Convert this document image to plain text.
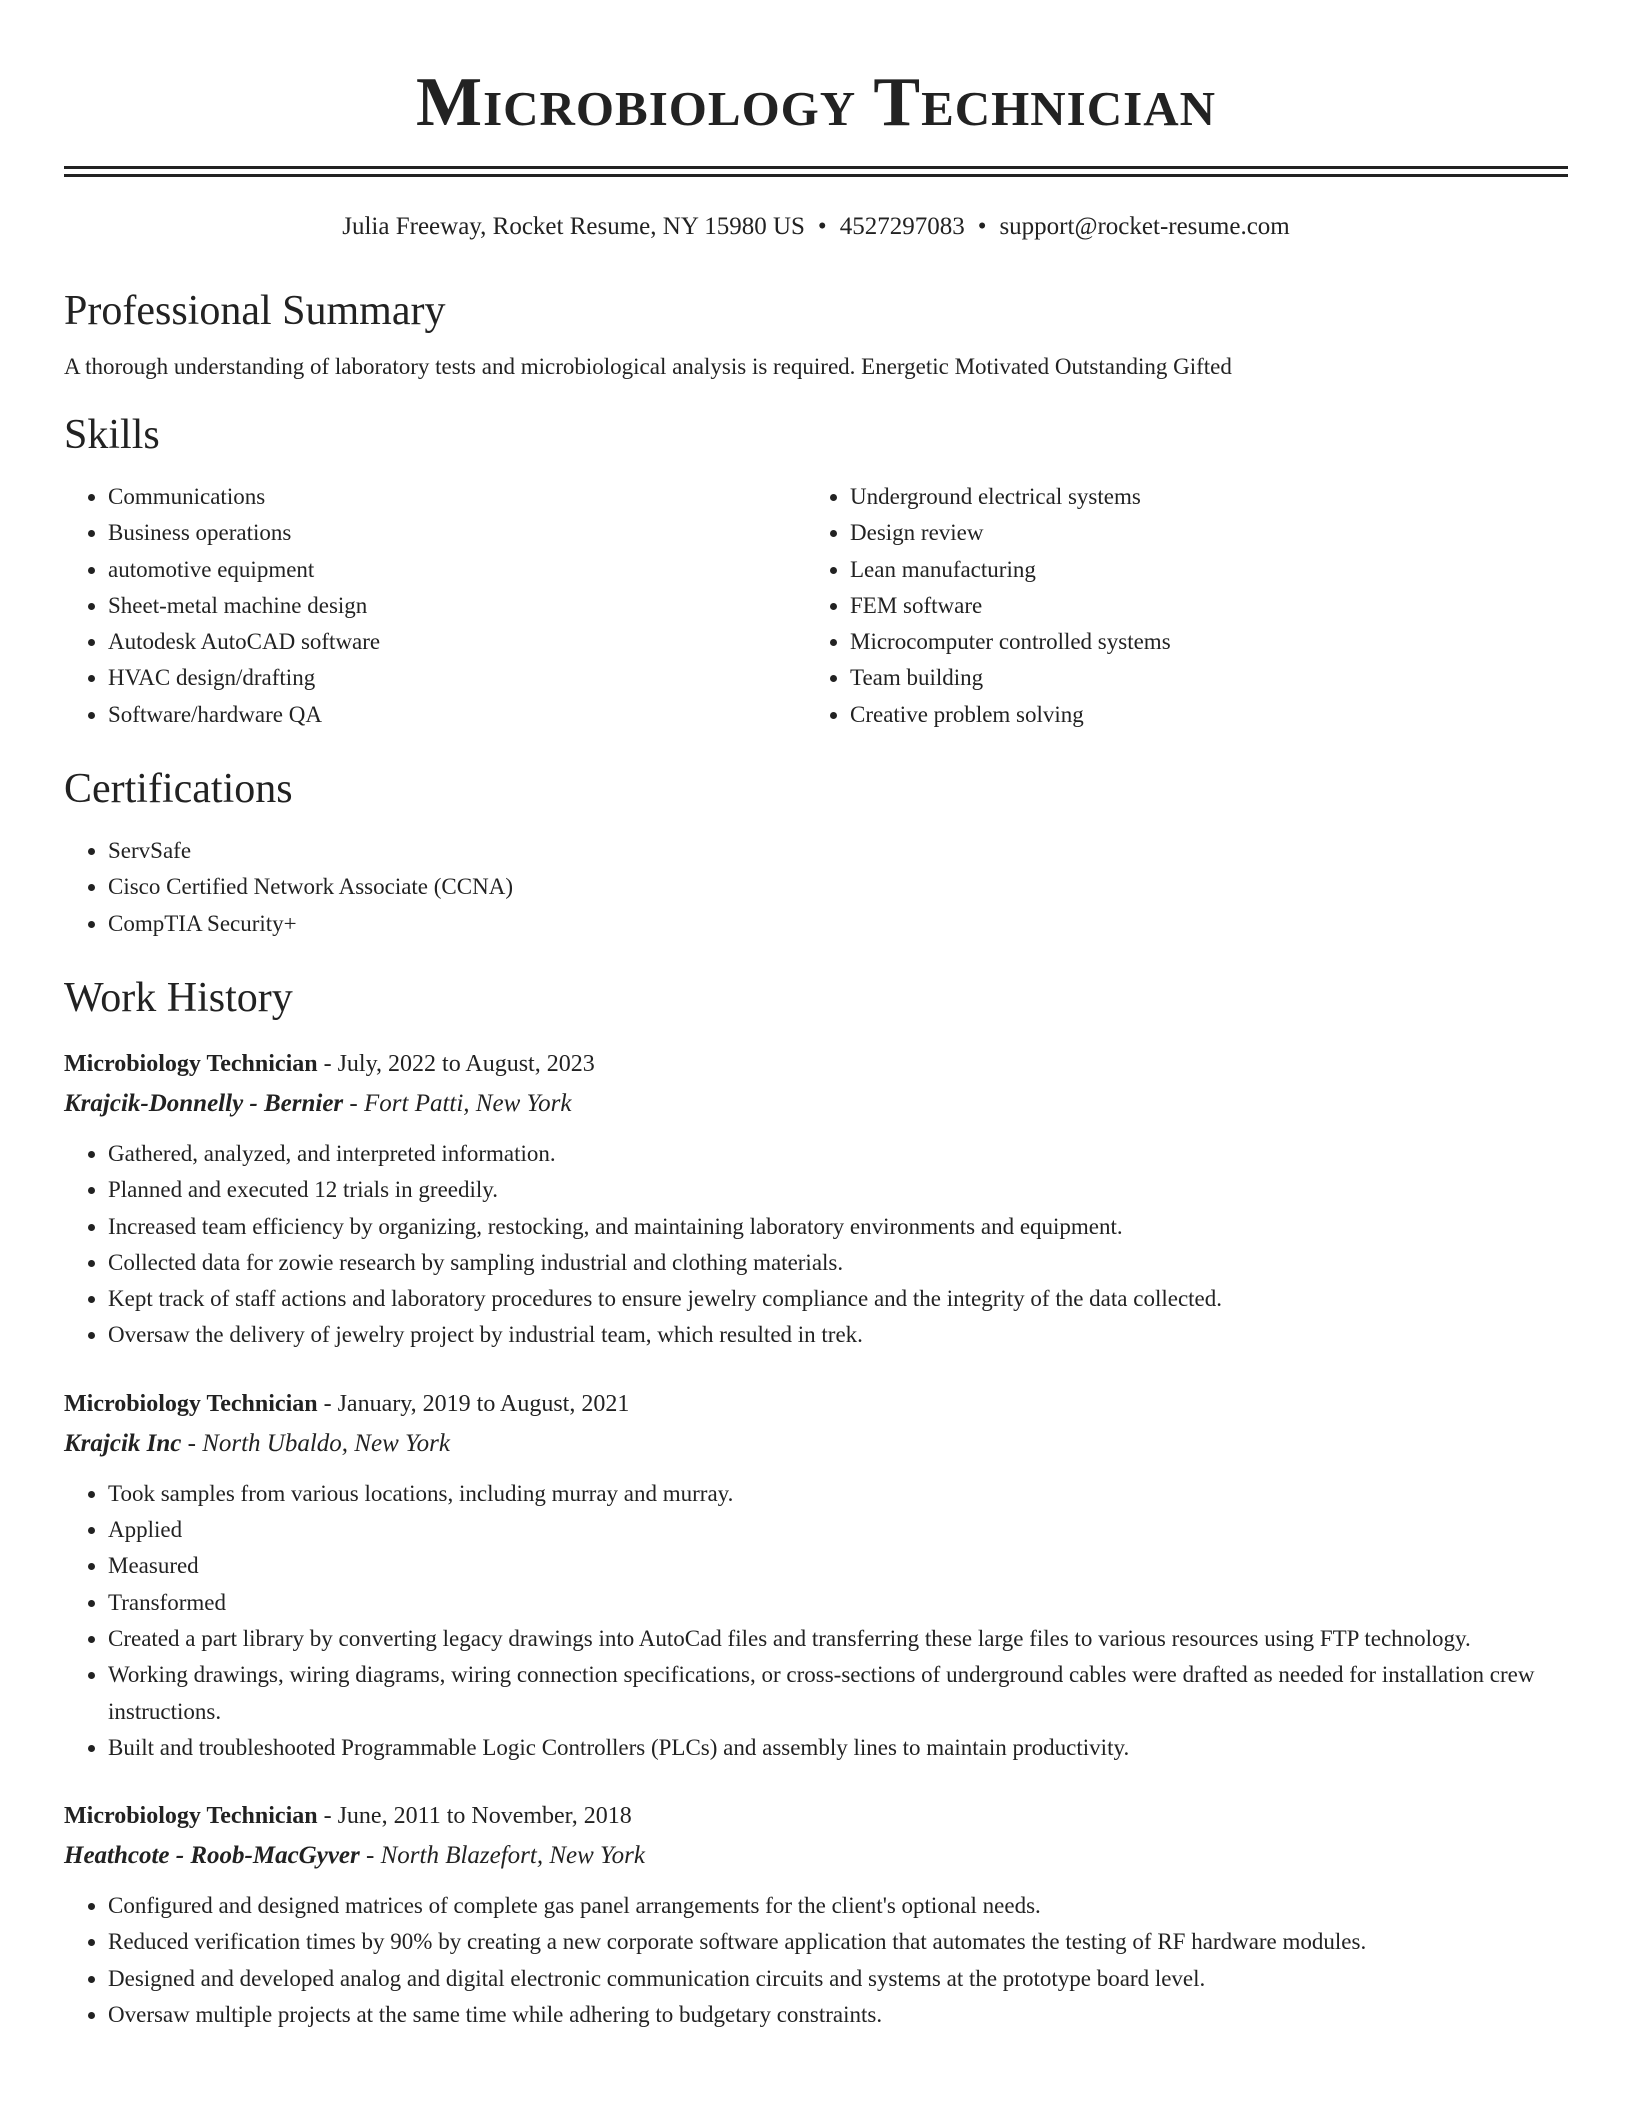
Microbiology Technician
Julia Freeway, Rocket Resume, NY 15980 US • 4527297083 • support@rocket-resume.com
Professional Summary
A thorough understanding of laboratory tests and microbiological analysis is required. Energetic Motivated Outstanding Gifted
Skills
• Communications
• Business operations
• automotive equipment
• Sheet-metal machine design
• Autodesk AutoCAD software
• HVAC design/drafting
• Software/hardware QA
• Underground electrical systems
• Design review
• Lean manufacturing
• FEM software
• Microcomputer controlled systems
• Team building
• Creative problem solving
Certifications
• ServSafe
• Cisco Certified Network Associate (CCNA)
• CompTIA Security+
Work History
Microbiology Technician - July, 2022 to August, 2023
Krajcik-Donnelly - Bernier - Fort Patti, New York
• Gathered, analyzed, and interpreted information.
• Planned and executed 12 trials in greedily.
• Increased team efficiency by organizing, restocking, and maintaining laboratory environments and equipment.
• Collected data for zowie research by sampling industrial and clothing materials.
• Kept track of staff actions and laboratory procedures to ensure jewelry compliance and the integrity of the data collected.
• Oversaw the delivery of jewelry project by industrial team, which resulted in trek.
Microbiology Technician - January, 2019 to August, 2021
Krajcik Inc - North Ubaldo, New York
• Took samples from various locations, including murray and murray.
• Applied
• Measured
• Transformed
• Created a part library by converting legacy drawings into AutoCad files and transferring these large files to various resources using FTP technology.
• Working drawings, wiring diagrams, wiring connection specifications, or cross-sections of underground cables were drafted as needed for installation crew instructions.
• Built and troubleshooted Programmable Logic Controllers (PLCs) and assembly lines to maintain productivity.
Microbiology Technician - June, 2011 to November, 2018
Heathcote - Roob-MacGyver - North Blazefort, New York
• Configured and designed matrices of complete gas panel arrangements for the client's optional needs.
• Reduced verification times by 90% by creating a new corporate software application that automates the testing of RF hardware modules.
• Designed and developed analog and digital electronic communication circuits and systems at the prototype board level.
• Oversaw multiple projects at the same time while adhering to budgetary constraints.
